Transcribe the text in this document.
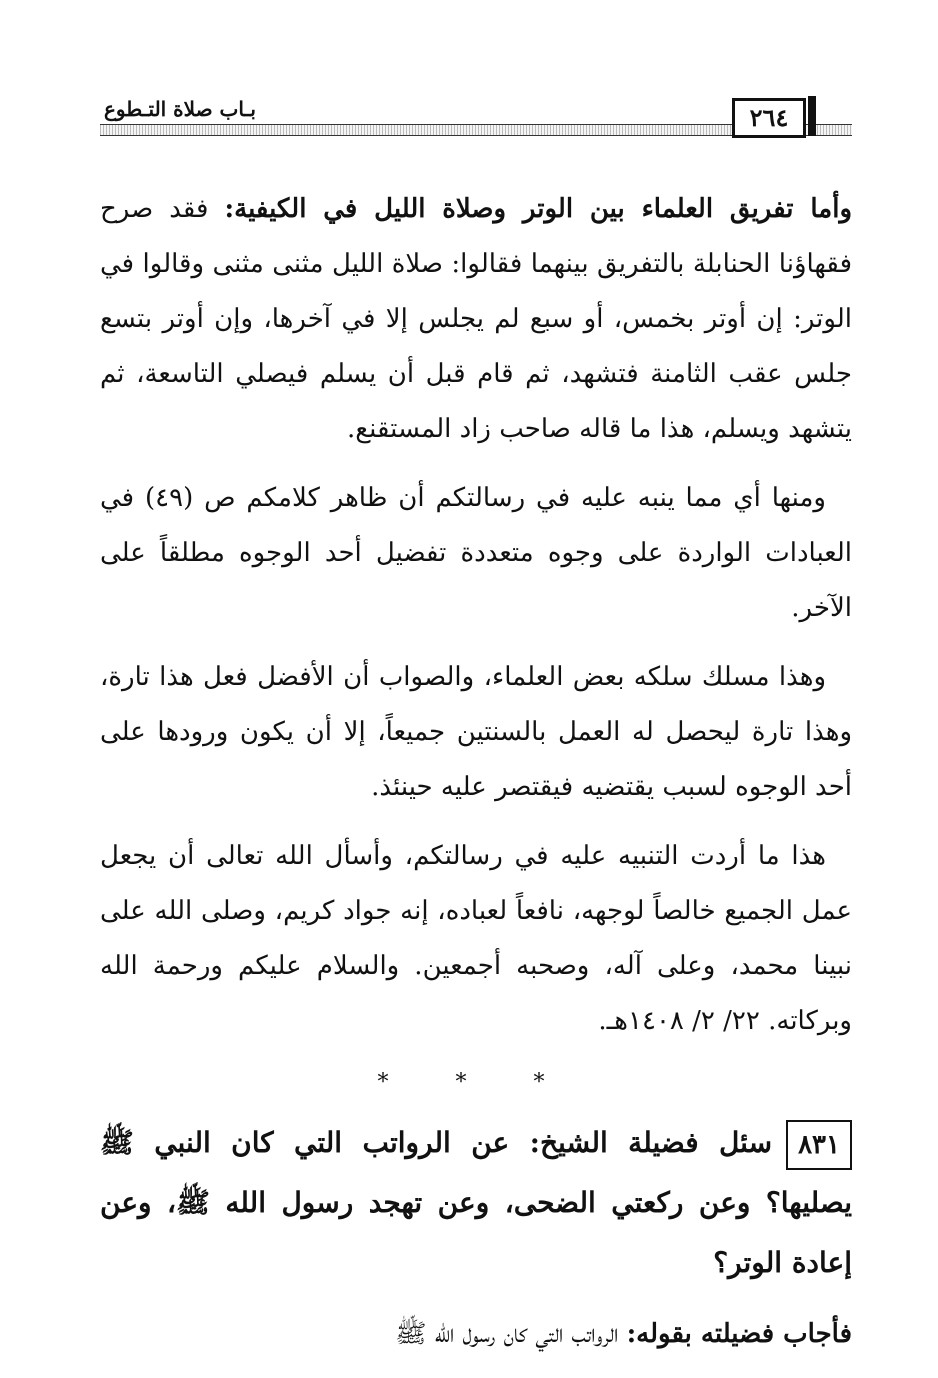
بـاب صلاة التـطوع	٢٦٤

وأما تفريق العلماء بين الوتر وصلاة الليل في الكيفية: فقد صرح فقهاؤنا الحنابلة بالتفريق بينهما فقالوا: صلاة الليل مثنى مثنى وقالوا في الوتر: إن أوتر بخمس، أو سبع لم يجلس إلا في آخرها، وإن أوتر بتسع جلس عقب الثامنة فتشهد، ثم قام قبل أن يسلم فيصلي التاسعة، ثم يتشهد ويسلم، هذا ما قاله صاحب زاد المستقنع.

ومنها أي مما ينبه عليه في رسالتكم أن ظاهر كلامكم ص (٤٩) في العبادات الواردة على وجوه متعددة تفضيل أحد الوجوه مطلقاً على الآخر.

وهذا مسلك سلكه بعض العلماء، والصواب أن الأفضل فعل هذا تارة، وهذا تارة ليحصل له العمل بالسنتين جميعاً، إلا أن يكون ورودها على أحد الوجوه لسبب يقتضيه فيقتصر عليه حينئذ.

هذا ما أردت التنبيه عليه في رسالتكم، وأسأل الله تعالى أن يجعل عمل الجميع خالصاً لوجهه، نافعاً لعباده، إنه جواد كريم، وصلى الله على نبينا محمد، وعلى آله، وصحبه أجمعين. والسلام عليكم ورحمة الله وبركاته. ٢٢/ ٢/ ١٤٠٨هـ.

* * *

٨٣١سئل فضيلة الشيخ: عن الرواتب التي كان النبي ﷺ يصليها؟ وعن ركعتي الضحى، وعن تهجد رسول الله ﷺ، وعن إعادة الوتر؟

فأجاب فضيلته بقوله: الرواتب التي كان رسول الله ﷺ
